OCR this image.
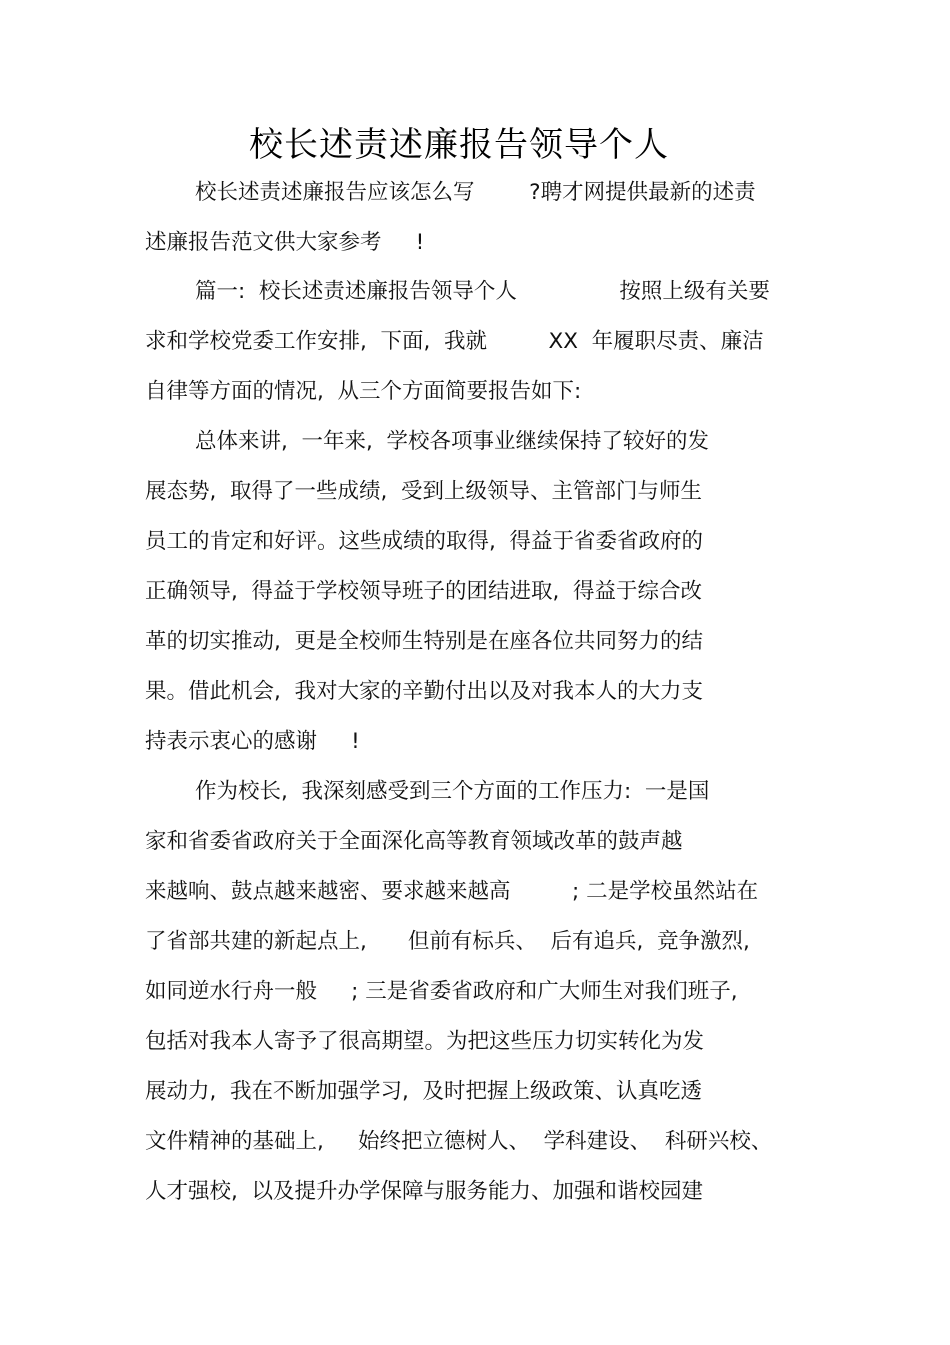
校长述责述廉报告领导个人
校长述责述廉报告应该怎么写        ?聘才网提供最新的述责
述廉报告范文供大家参考     !
篇一:  校长述责述廉报告领导个人               按照上级有关要
求和学校党委工作安排,  下面,  我就         XX  年履职尽责、廉洁
自律等方面的情况,  从三个方面简要报告如下:
总体来讲,  一年来,  学校各项事业继续保持了较好的发
展态势,  取得了一些成绩,  受到上级领导、主管部门与师生
员工的肯定和好评。这些成绩的取得,  得益于省委省政府的
正确领导,  得益于学校领导班子的团结进取,  得益于综合改
革的切实推动,  更是全校师生特别是在座各位共同努力的结
果。借此机会,  我对大家的辛勤付出以及对我本人的大力支
持表示衷心的感谢     !
作为校长,  我深刻感受到三个方面的工作压力:  一是国
家和省委省政府关于全面深化高等教育领域改革的鼓声越
来越响、鼓点越来越密、要求越来越高         ; 二是学校虽然站在
了省部共建的新起点上,      但前有标兵、  后有追兵,  竞争激烈,
如同逆水行舟一般     ; 三是省委省政府和广大师生对我们班子,
包括对我本人寄予了很高期望。为把这些压力切实转化为发
展动力,  我在不断加强学习,  及时把握上级政策、认真吃透
文件精神的基础上,     始终把立德树人、  学科建设、  科研兴校、
人才强校,  以及提升办学保障与服务能力、加强和谐校园建
